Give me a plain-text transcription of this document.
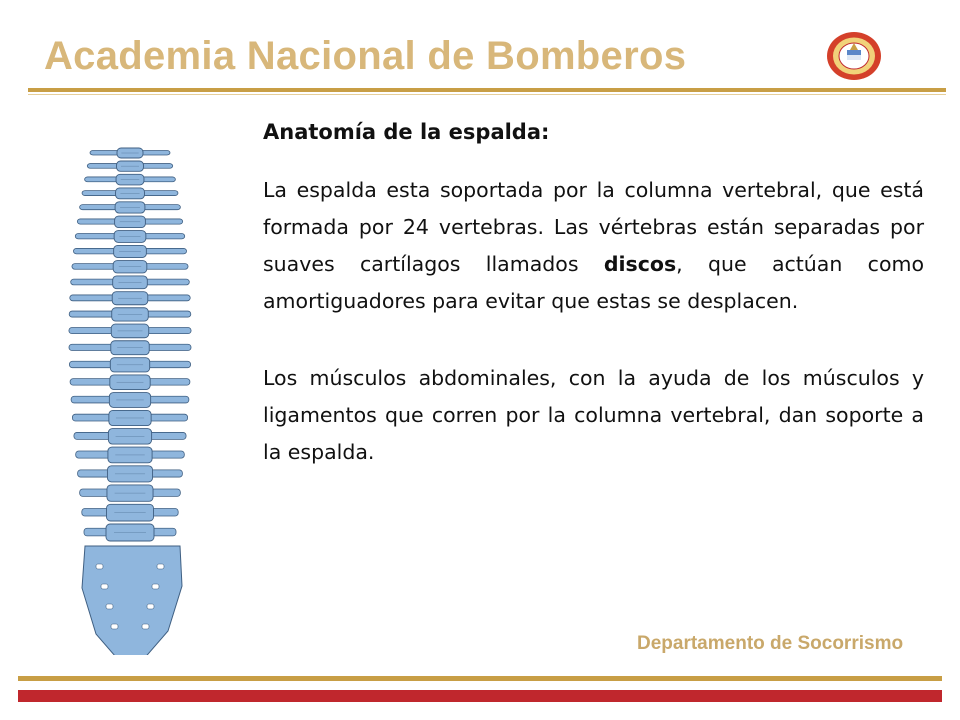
Academia Nacional de Bomberos

Anatomía de la espalda:

La espalda esta soportada por la columna vertebral, que está formada por 24 vertebras. Las vértebras están separadas por suaves cartílagos llamados discos, que actúan como amortiguadores para evitar que estas se desplacen.

Los músculos abdominales, con la ayuda de los músculos y ligamentos que corren por la columna vertebral, dan soporte a la espalda.

Departamento de Socorrismo
